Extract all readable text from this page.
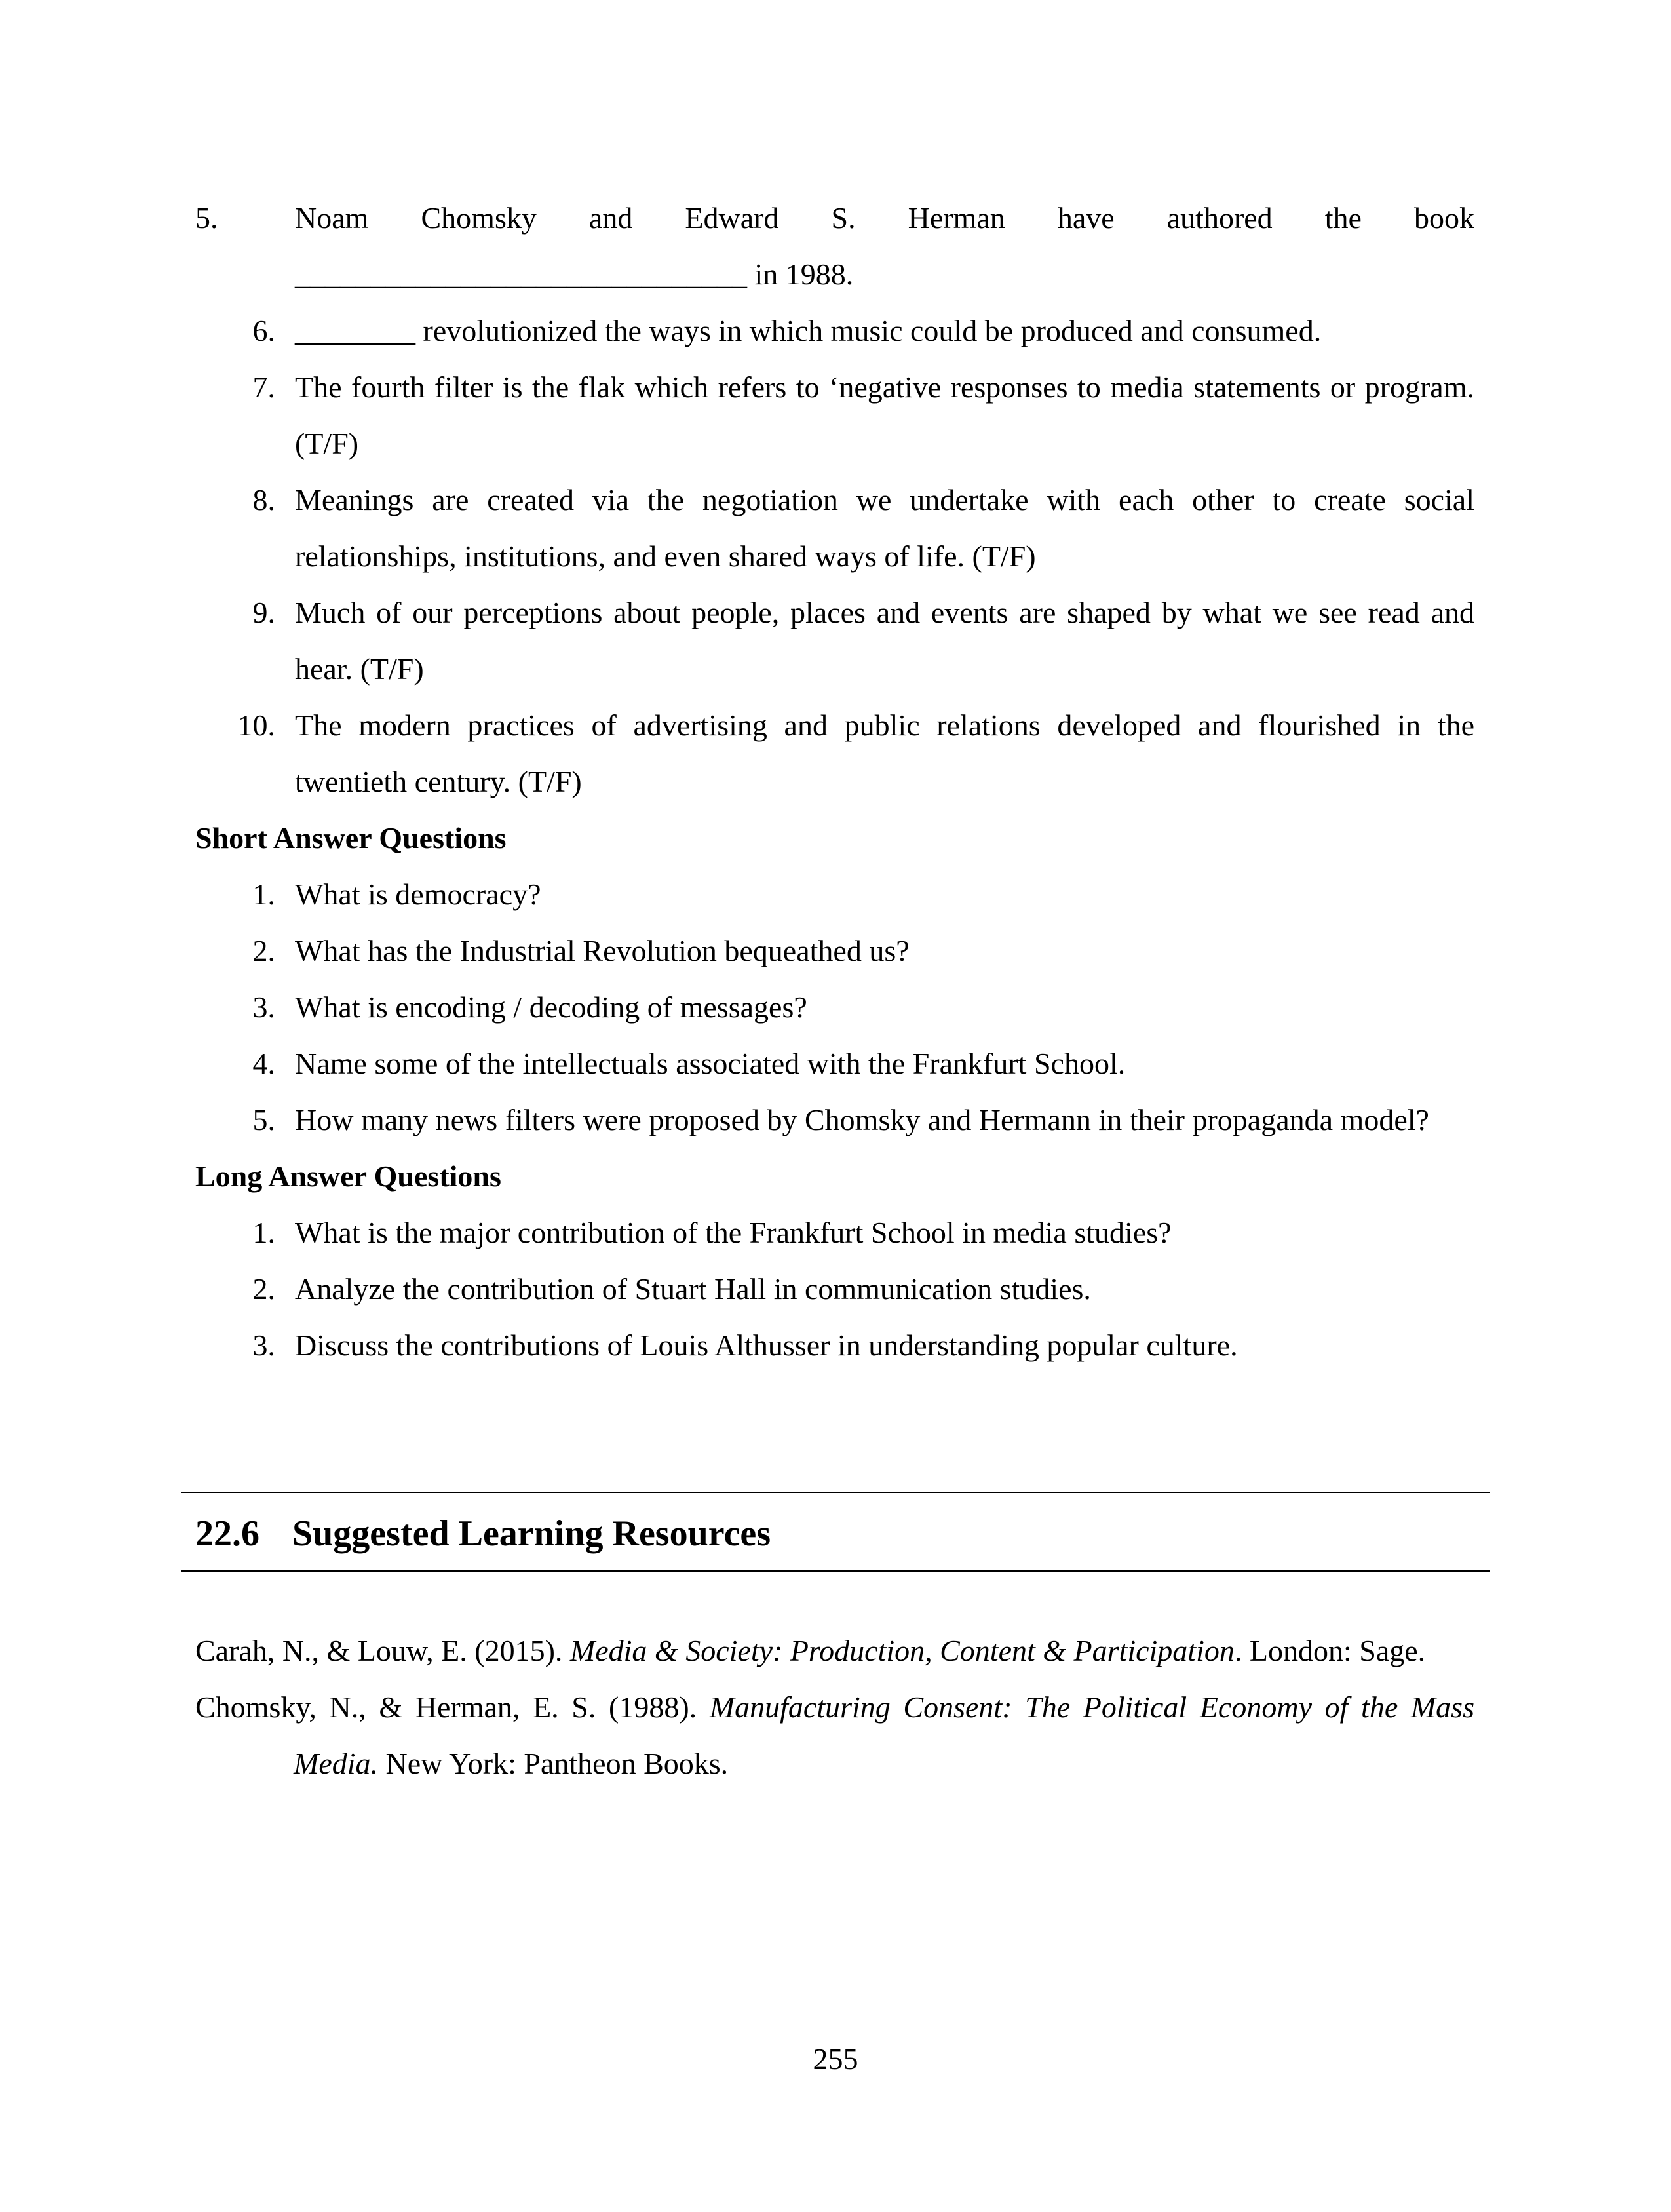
5.	Noam Chomsky and Edward S. Herman have authored the book
______________________________ in 1988.
6. ________ revolutionized the ways in which music could be produced and consumed.
7. The fourth filter is the flak which refers to ‘negative responses to media statements or program. (T/F)
8. Meanings are created via the negotiation we undertake with each other to create social relationships, institutions, and even shared ways of life. (T/F)
9. Much of our perceptions about people, places and events are shaped by what we see read and hear. (T/F)
10. The modern practices of advertising and public relations developed and flourished in the twentieth century. (T/F)
Short Answer Questions
1. What is democracy?
2. What has the Industrial Revolution bequeathed us?
3. What is encoding / decoding of messages?
4. Name some of the intellectuals associated with the Frankfurt School.
5. How many news filters were proposed by Chomsky and Hermann in their propaganda model?
Long Answer Questions
1. What is the major contribution of the Frankfurt School in media studies?
2. Analyze the contribution of Stuart Hall in communication studies.
3. Discuss the contributions of Louis Althusser in understanding popular culture.
22.6 Suggested Learning Resources
Carah, N., & Louw, E. (2015). Media & Society: Production, Content & Participation. London: Sage.
Chomsky, N., & Herman, E. S. (1988). Manufacturing Consent: The Political Economy of the Mass Media. New York: Pantheon Books.
255
